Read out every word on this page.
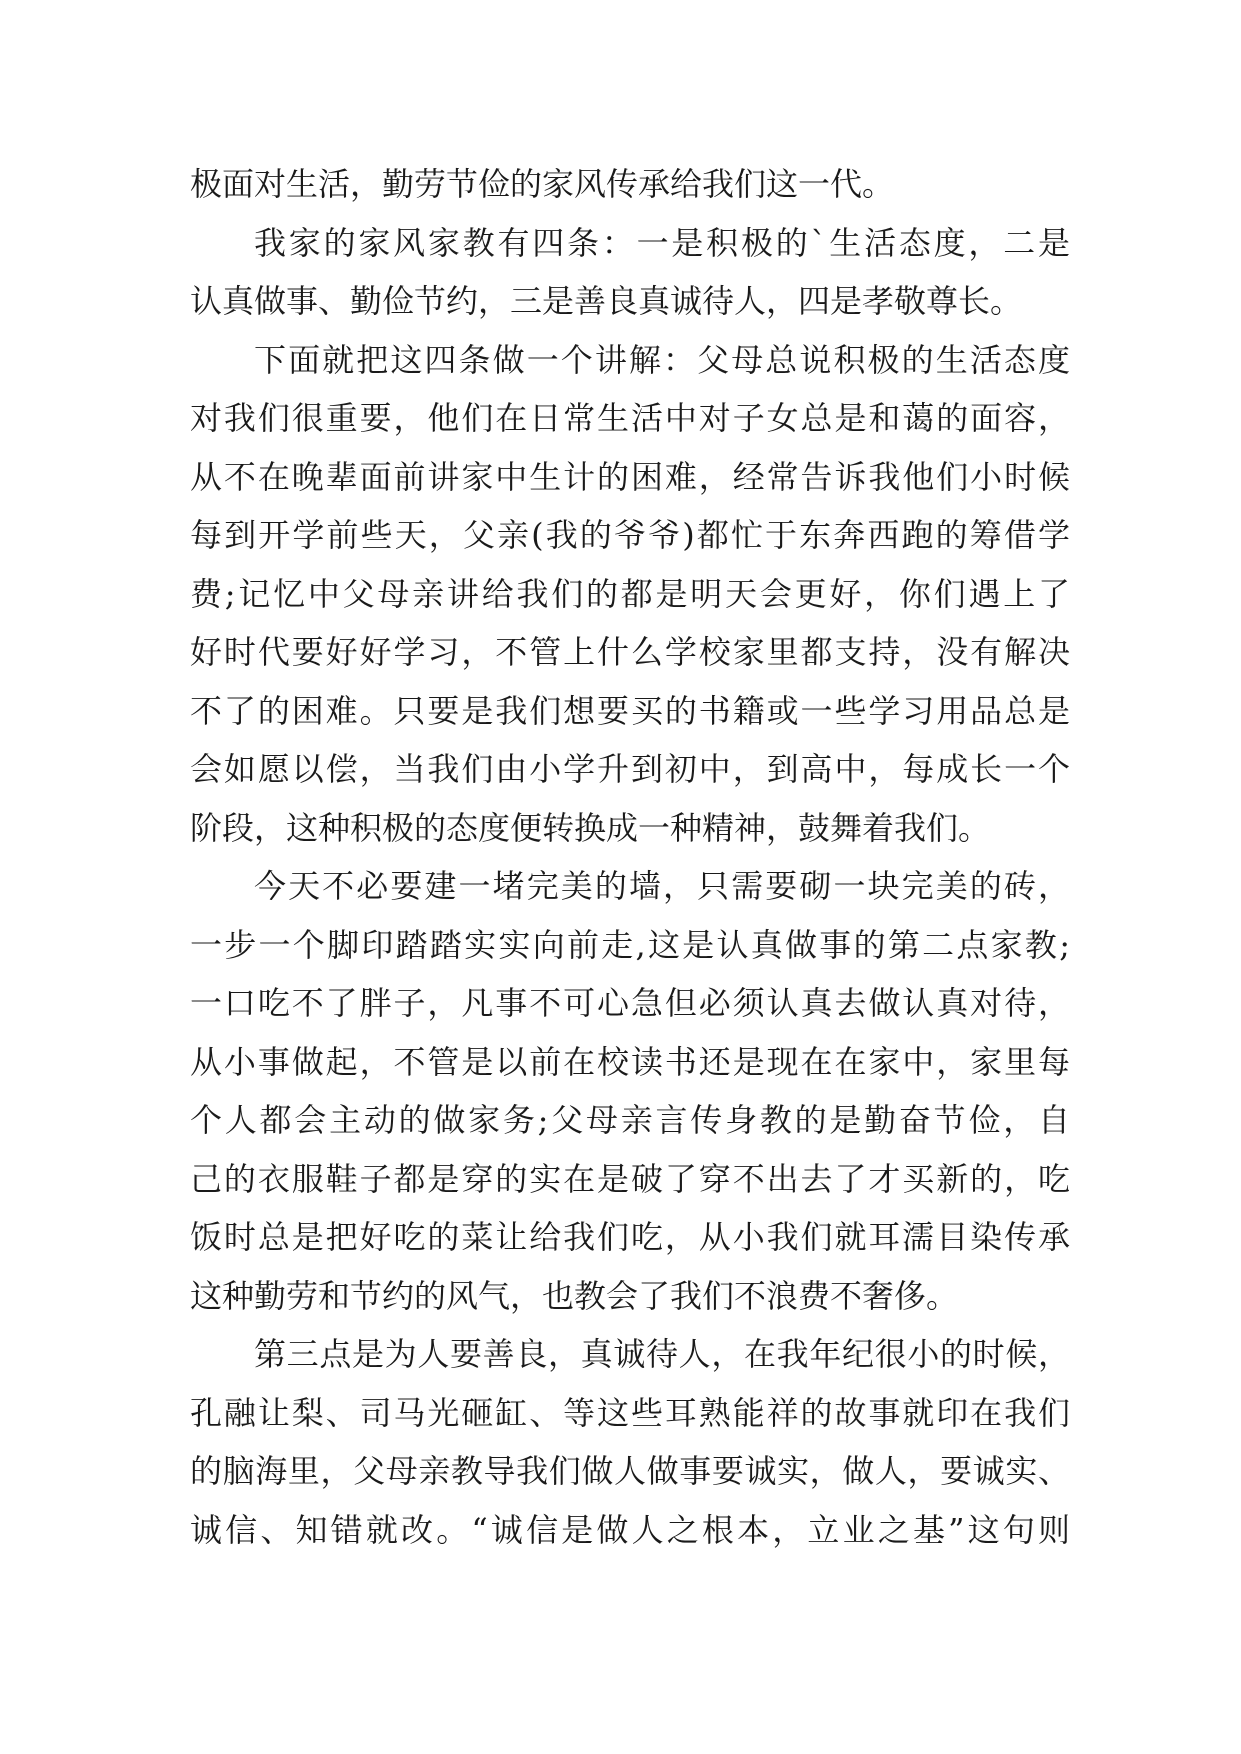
极面对生活，勤劳节俭的家风传承给我们这一代。
我家的家风家教有四条：一是积极的`生活态度，二是
认真做事、勤俭节约，三是善良真诚待人，四是孝敬尊长。
下面就把这四条做一个讲解：父母总说积极的生活态度
对我们很重要，他们在日常生活中对子女总是和蔼的面容，
从不在晚辈面前讲家中生计的困难，经常告诉我他们小时候
每到开学前些天，父亲(我的爷爷)都忙于东奔西跑的筹借学
费;记忆中父母亲讲给我们的都是明天会更好，你们遇上了
好时代要好好学习，不管上什么学校家里都支持，没有解决
不了的困难。只要是我们想要买的书籍或一些学习用品总是
会如愿以偿，当我们由小学升到初中，到高中，每成长一个
阶段，这种积极的态度便转换成一种精神，鼓舞着我们。
今天不必要建一堵完美的墙，只需要砌一块完美的砖，
一步一个脚印踏踏实实向前走,这是认真做事的第二点家教;
一口吃不了胖子，凡事不可心急但必须认真去做认真对待，
从小事做起，不管是以前在校读书还是现在在家中，家里每
个人都会主动的做家务;父母亲言传身教的是勤奋节俭，自
己的衣服鞋子都是穿的实在是破了穿不出去了才买新的，吃
饭时总是把好吃的菜让给我们吃，从小我们就耳濡目染传承
这种勤劳和节约的风气，也教会了我们不浪费不奢侈。
第三点是为人要善良，真诚待人，在我年纪很小的时候，
孔融让梨、司马光砸缸、等这些耳熟能祥的故事就印在我们
的脑海里，父母亲教导我们做人做事要诚实，做人，要诚实、
诚信、知错就改。“诚信是做人之根本，立业之基”这句则
